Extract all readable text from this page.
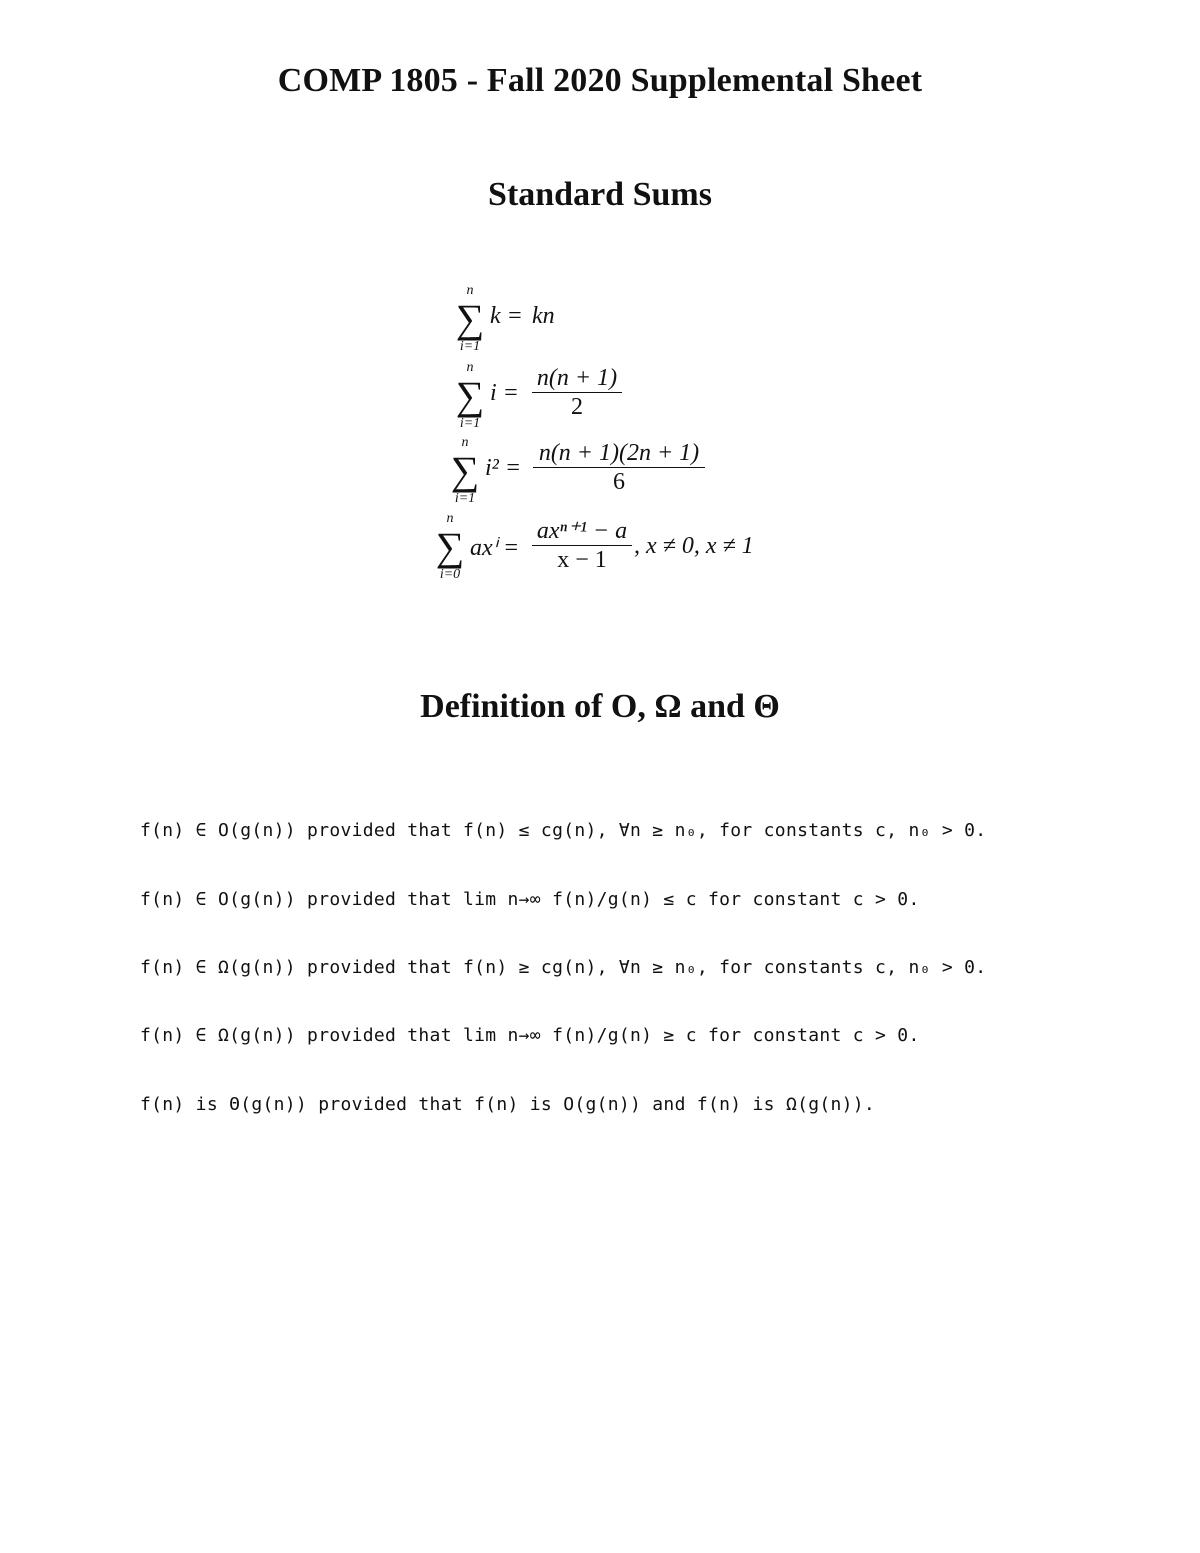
COMP 1805 - Fall 2020 Supplemental Sheet
Standard Sums
n
∑
i=1
k = kn
n
∑
i=1
i =
n(n + 1)
2
n
∑
i=1
i² =
n(n + 1)(2n + 1)
6
n
∑
i=0
axⁱ =
axⁿ⁺¹ − a
x − 1
, x ≠ 0, x ≠ 1
Definition of O, Ω and Θ
f(n) ∈ O(g(n)) provided that f(n) ≤ cg(n), ∀n ≥ n₀, for constants c, n₀ > 0.
f(n) ∈ O(g(n)) provided that lim n→∞ f(n)/g(n) ≤ c for constant c > 0.
f(n) ∈ Ω(g(n)) provided that f(n) ≥ cg(n), ∀n ≥ n₀, for constants c, n₀ > 0.
f(n) ∈ Ω(g(n)) provided that lim n→∞ f(n)/g(n) ≥ c for constant c > 0.
f(n) is Θ(g(n)) provided that f(n) is O(g(n)) and f(n) is Ω(g(n)).
